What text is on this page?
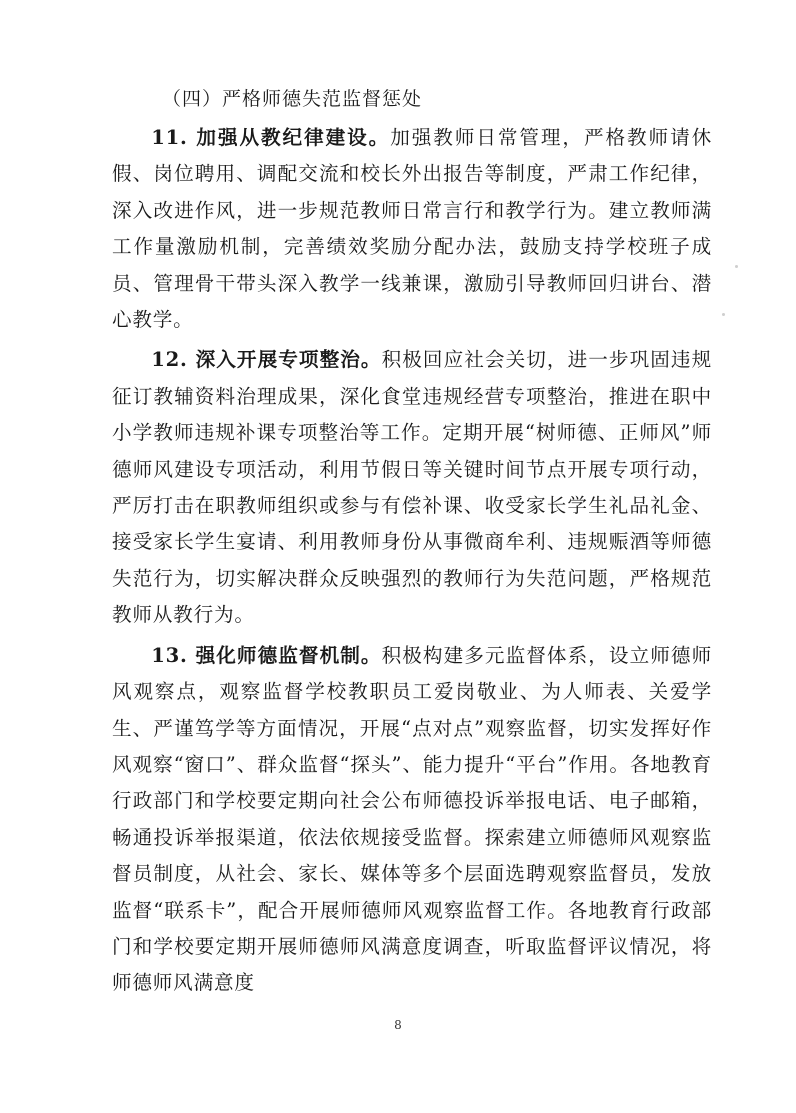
（四）严格师德失范监督惩处

11. 加强从教纪律建设。加强教师日常管理，严格教师请休假、岗位聘用、调配交流和校长外出报告等制度，严肃工作纪律，深入改进作风，进一步规范教师日常言行和教学行为。建立教师满工作量激励机制，完善绩效奖励分配办法，鼓励支持学校班子成员、管理骨干带头深入教学一线兼课，激励引导教师回归讲台、潜心教学。

12. 深入开展专项整治。积极回应社会关切，进一步巩固违规征订教辅资料治理成果，深化食堂违规经营专项整治，推进在职中小学教师违规补课专项整治等工作。定期开展“树师德、正师风”师德师风建设专项活动，利用节假日等关键时间节点开展专项行动，严厉打击在职教师组织或参与有偿补课、收受家长学生礼品礼金、接受家长学生宴请、利用教师身份从事微商牟利、违规赈酒等师德失范行为，切实解决群众反映强烈的教师行为失范问题，严格规范教师从教行为。

13. 强化师德监督机制。积极构建多元监督体系，设立师德师风观察点，观察监督学校教职员工爱岗敬业、为人师表、关爱学生、严谨笃学等方面情况，开展“点对点”观察监督，切实发挥好作风观察“窗口”、群众监督“探头”、能力提升“平台”作用。各地教育行政部门和学校要定期向社会公布师德投诉举报电话、电子邮箱，畅通投诉举报渠道，依法依规接受监督。探索建立师德师风观察监督员制度，从社会、家长、媒体等多个层面选聘观察监督员，发放监督“联系卡”，配合开展师德师风观察监督工作。各地教育行政部门和学校要定期开展师德师风满意度调查，听取监督评议情况，将师德师风满意度

8
